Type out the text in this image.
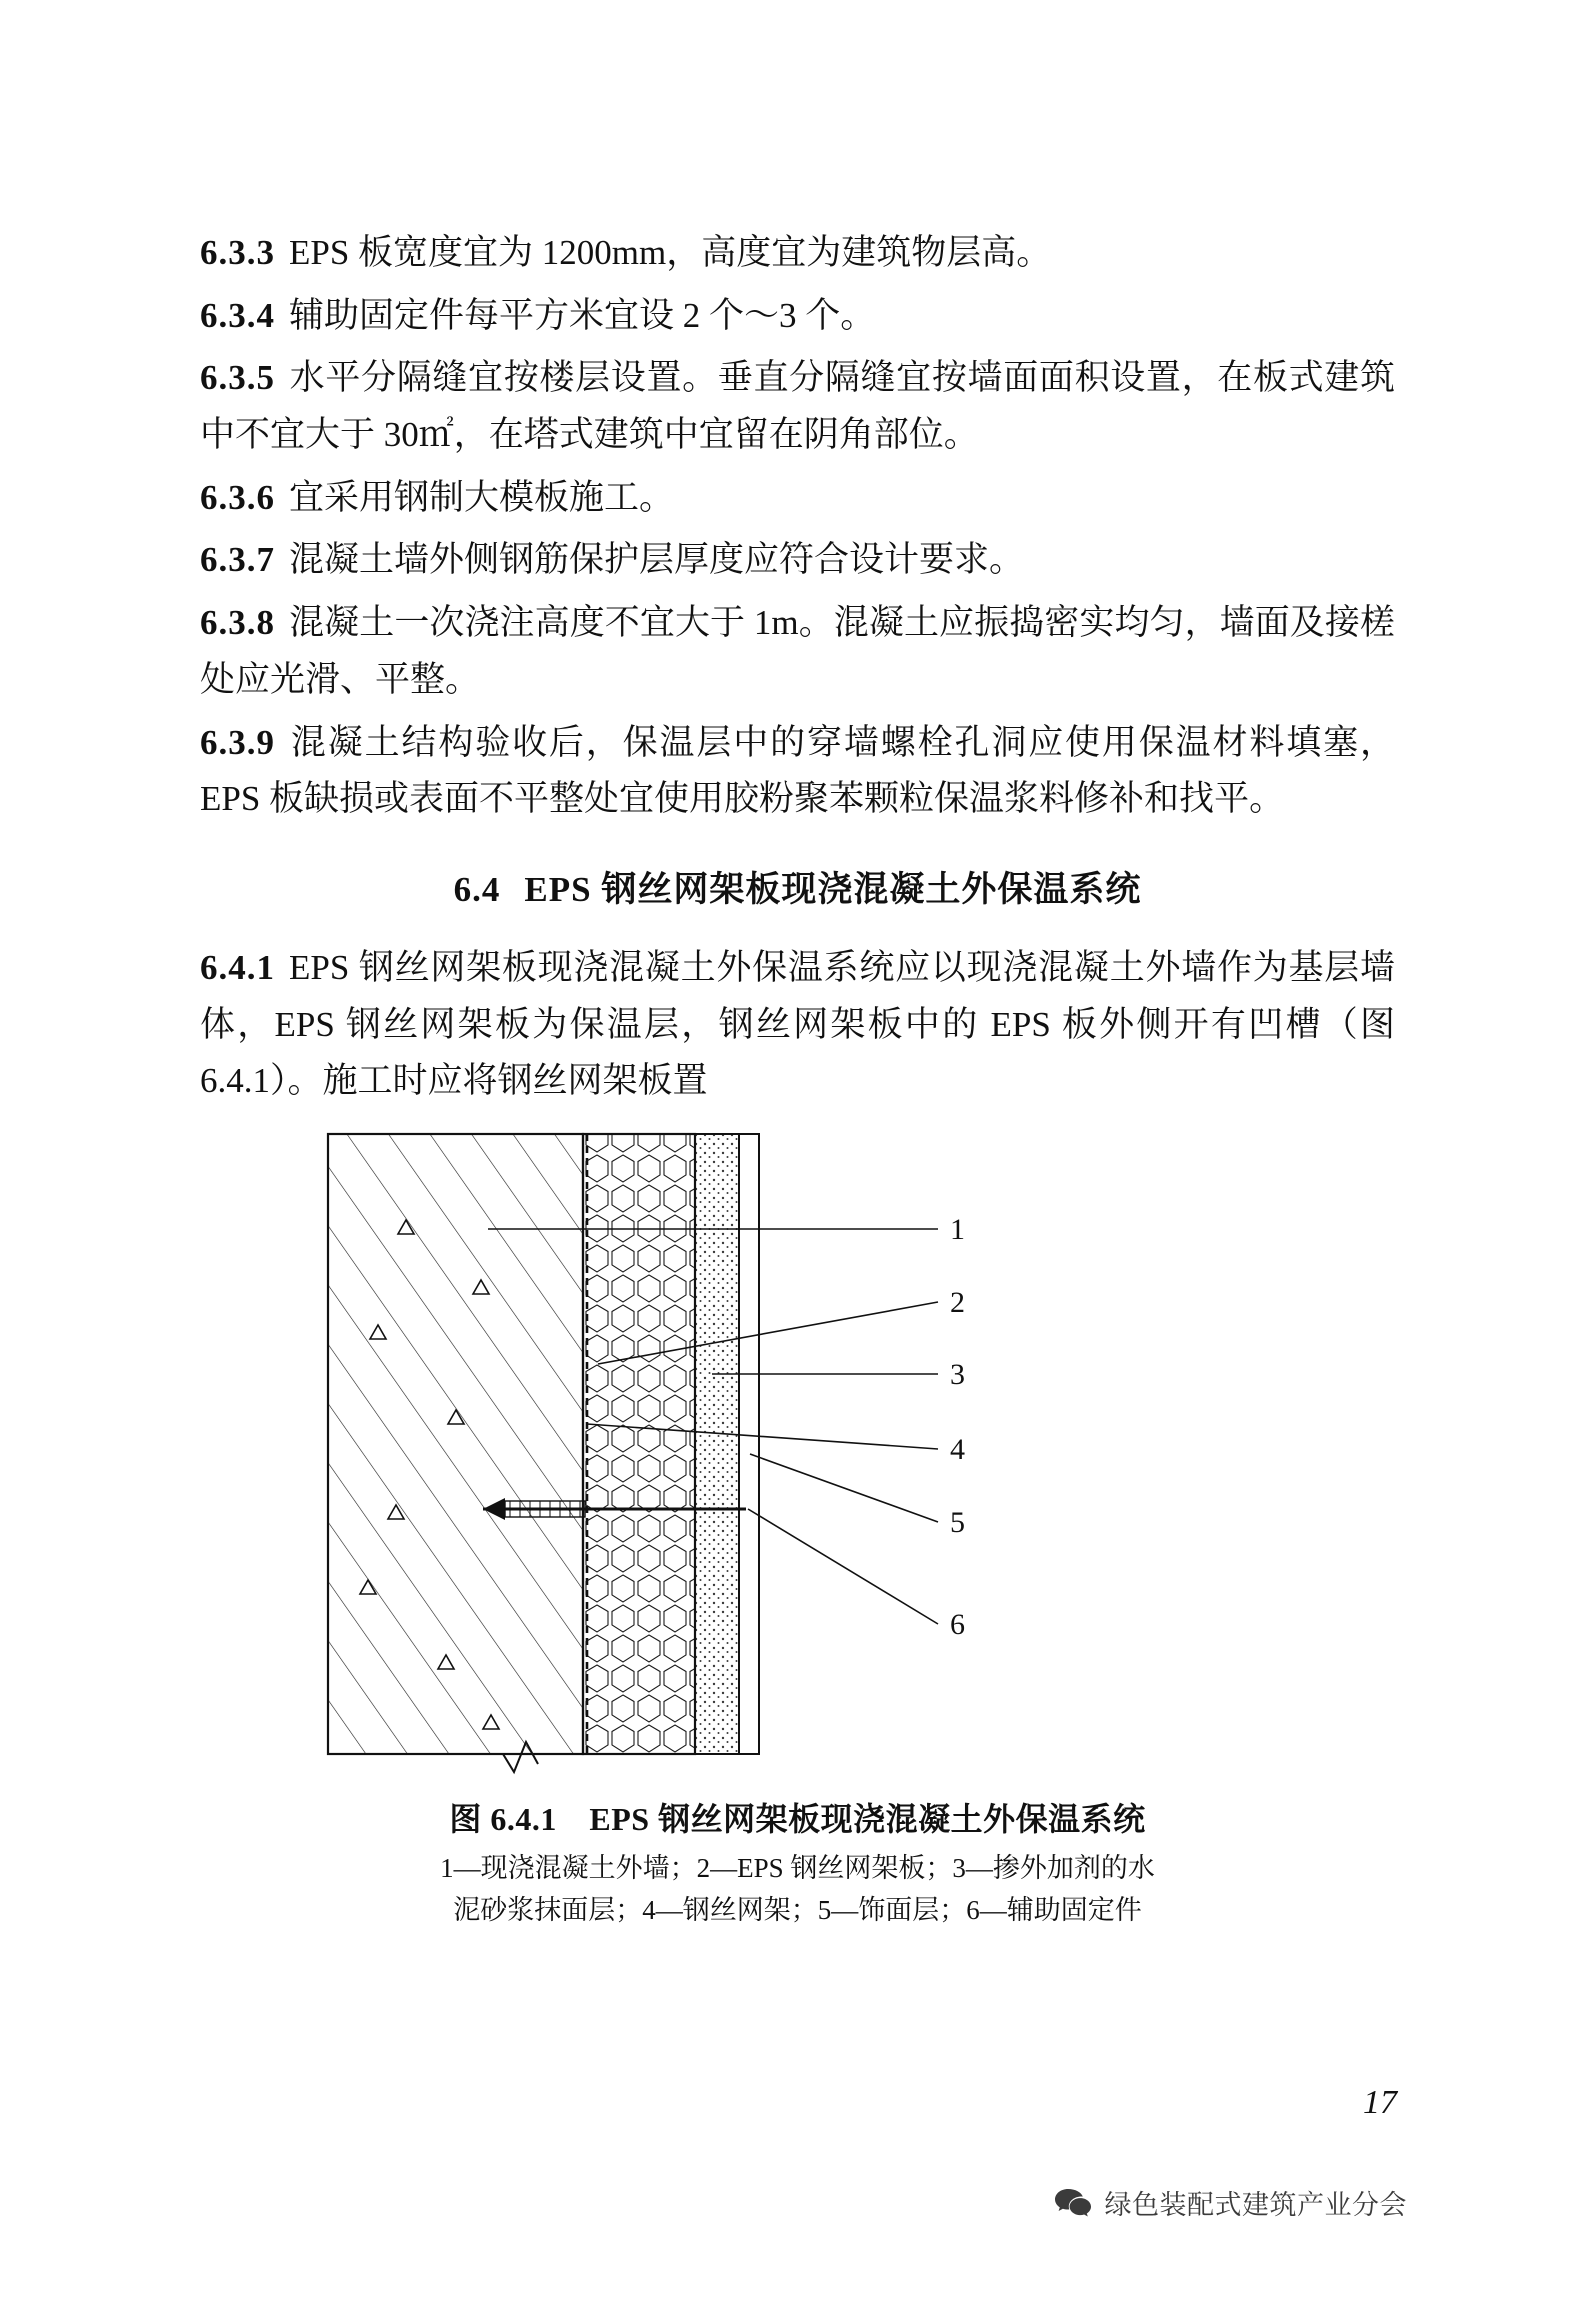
6.3.3 EPS 板宽度宜为 1200mm，高度宜为建筑物层高。

6.3.4 辅助固定件每平方米宜设 2 个～3 个。

6.3.5 水平分隔缝宜按楼层设置。垂直分隔缝宜按墙面面积设置，在板式建筑中不宜大于 30㎡，在塔式建筑中宜留在阴角部位。

6.3.6 宜采用钢制大模板施工。

6.3.7 混凝土墙外侧钢筋保护层厚度应符合设计要求。

6.3.8 混凝土一次浇注高度不宜大于 1m。混凝土应振捣密实均匀，墙面及接槎处应光滑、平整。

6.3.9 混凝土结构验收后，保温层中的穿墙螺栓孔洞应使用保温材料填塞，EPS 板缺损或表面不平整处宜使用胶粉聚苯颗粒保温浆料修补和找平。

6.4 EPS 钢丝网架板现浇混凝土外保温系统

6.4.1 EPS 钢丝网架板现浇混凝土外保温系统应以现浇混凝土外墙作为基层墙体，EPS 钢丝网架板为保温层，钢丝网架板中的 EPS 板外侧开有凹槽（图 6.4.1）。施工时应将钢丝网架板置

1
2
3
4
5
6
图 6.4.1　EPS 钢丝网架板现浇混凝土外保温系统
1—现浇混凝土外墙；2—EPS 钢丝网架板；3—掺外加剂的水
泥砂浆抹面层；4—钢丝网架；5—饰面层；6—辅助固定件
17
绿色装配式建筑产业分会
